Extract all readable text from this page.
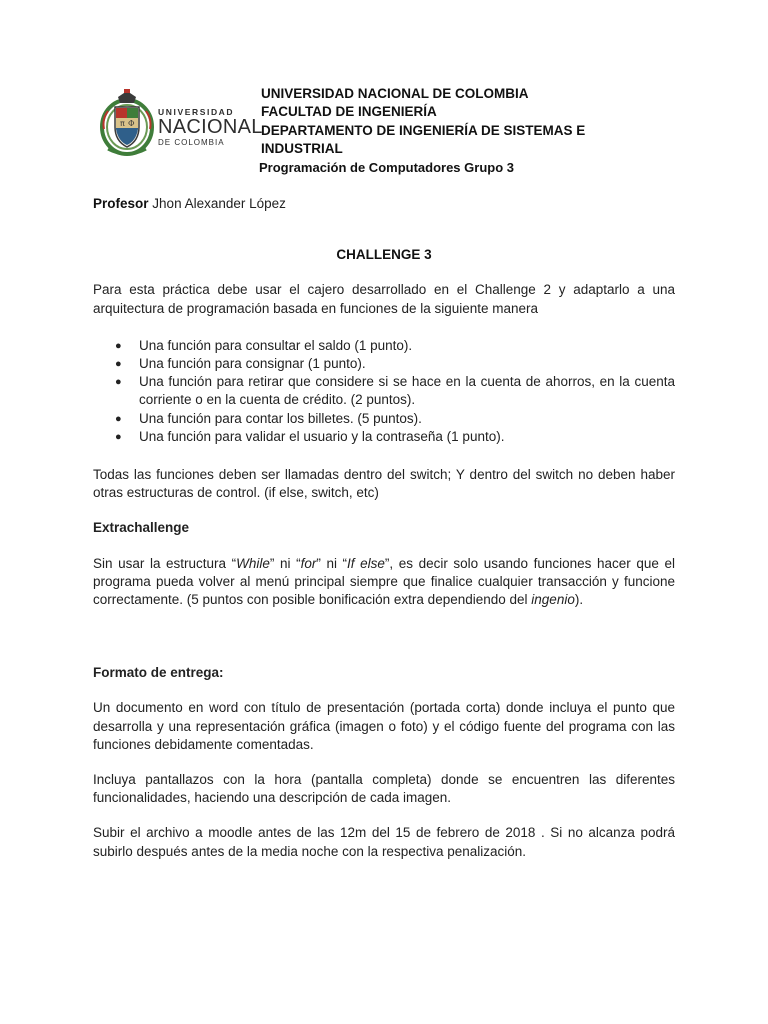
π Φ
UNIVERSIDAD
NACIONAL
DE COLOMBIA
UNIVERSIDAD NACIONAL DE COLOMBIA
FACULTAD DE INGENIERÍA
DEPARTAMENTO DE INGENIERÍA DE SISTEMAS E
INDUSTRIAL
Programación de Computadores Grupo 3

Profesor Jhon Alexander López

CHALLENGE 3

Para esta práctica debe usar el cajero desarrollado en el Challenge 2 y adaptarlo a una arquitectura de programación basada en funciones de la siguiente manera

● Una función para consultar el saldo (1 punto).
● Una función para consignar (1 punto).
● Una función para retirar que considere si se hace en la cuenta de ahorros, en la cuenta corriente o en la cuenta de crédito. (2 puntos).
● Una función para contar los billetes. (5 puntos).
● Una función para validar el usuario y la contraseña (1 punto).

Todas las funciones deben ser llamadas dentro del switch; Y dentro del switch no deben haber otras estructuras de control. (if else, switch, etc)

Extrachallenge

Sin usar la estructura “While” ni “for” ni “If else”, es decir solo usando funciones hacer que el programa pueda volver al menú principal siempre que finalice cualquier transacción y funcione correctamente. (5 puntos con posible bonificación extra dependiendo del ingenio).

Formato de entrega:

Un documento en word con título de presentación (portada corta) donde incluya el punto que desarrolla y una representación gráfica (imagen o foto) y el código fuente del programa con las funciones debidamente comentadas.

Incluya pantallazos con la hora (pantalla completa) donde se encuentren las diferentes funcionalidades, haciendo una descripción de cada imagen.

Subir el archivo a moodle antes de las 12m del 15 de febrero de 2018 . Si no alcanza podrá subirlo después antes de la media noche con la respectiva penalización.
